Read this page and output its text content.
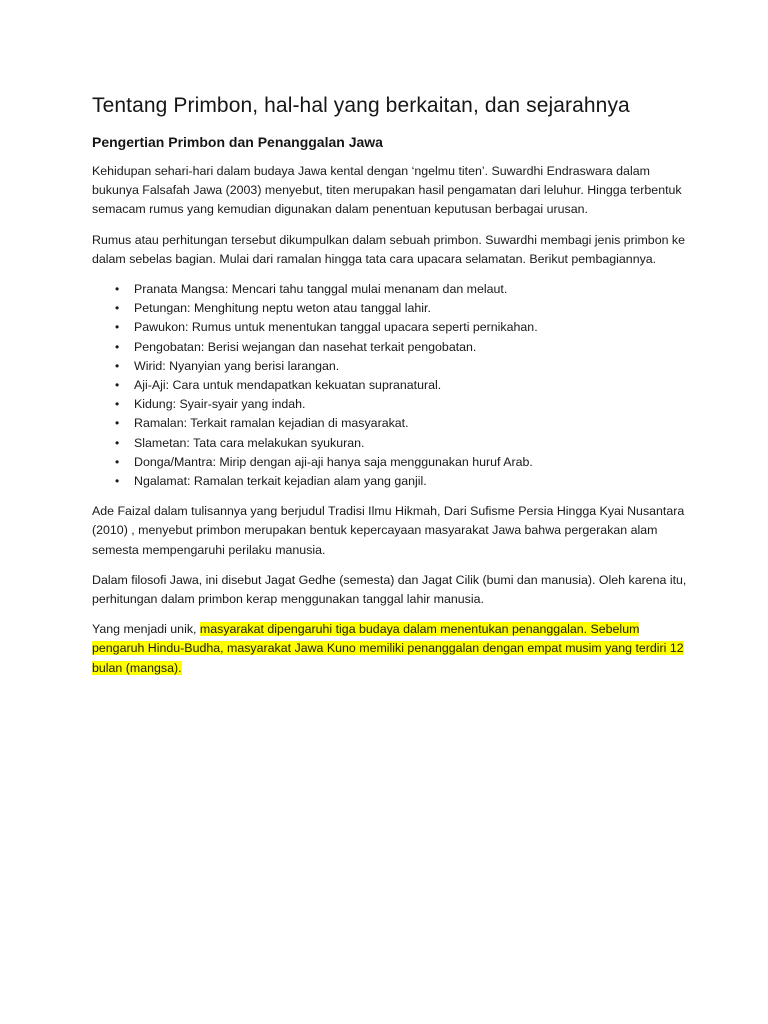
Tentang Primbon, hal-hal yang berkaitan, dan sejarahnya
Pengertian Primbon dan Penanggalan Jawa

Kehidupan sehari-hari dalam budaya Jawa kental dengan ‘ngelmu titen’. Suwardhi Endraswara dalam bukunya Falsafah Jawa (2003) menyebut, titen merupakan hasil pengamatan dari leluhur. Hingga terbentuk semacam rumus yang kemudian digunakan dalam penentuan keputusan berbagai urusan.

Rumus atau perhitungan tersebut dikumpulkan dalam sebuah primbon. Suwardhi membagi jenis primbon ke dalam sebelas bagian. Mulai dari ramalan hingga tata cara upacara selamatan. Berikut pembagiannya.

• Pranata Mangsa: Mencari tahu tanggal mulai menanam dan melaut.
• Petungan: Menghitung neptu weton atau tanggal lahir.
• Pawukon: Rumus untuk menentukan tanggal upacara seperti pernikahan.
• Pengobatan: Berisi wejangan dan nasehat terkait pengobatan.
• Wirid: Nyanyian yang berisi larangan.
• Aji-Aji: Cara untuk mendapatkan kekuatan supranatural.
• Kidung: Syair-syair yang indah.
• Ramalan: Terkait ramalan kejadian di masyarakat.
• Slametan: Tata cara melakukan syukuran.
• Donga/Mantra: Mirip dengan aji-aji hanya saja menggunakan huruf Arab.
• Ngalamat: Ramalan terkait kejadian alam yang ganjil.

Ade Faizal dalam tulisannya yang berjudul Tradisi Ilmu Hikmah, Dari Sufisme Persia Hingga Kyai Nusantara (2010) , menyebut primbon merupakan bentuk kepercayaan masyarakat Jawa bahwa pergerakan alam semesta mempengaruhi perilaku manusia.

Dalam filosofi Jawa, ini disebut Jagat Gedhe (semesta) dan Jagat Cilik (bumi dan manusia). Oleh karena itu, perhitungan dalam primbon kerap menggunakan tanggal lahir manusia.

Yang menjadi unik, masyarakat dipengaruhi tiga budaya dalam menentukan penanggalan. Sebelum pengaruh Hindu-Budha, masyarakat Jawa Kuno memiliki penanggalan dengan empat musim yang terdiri 12 bulan (mangsa).
